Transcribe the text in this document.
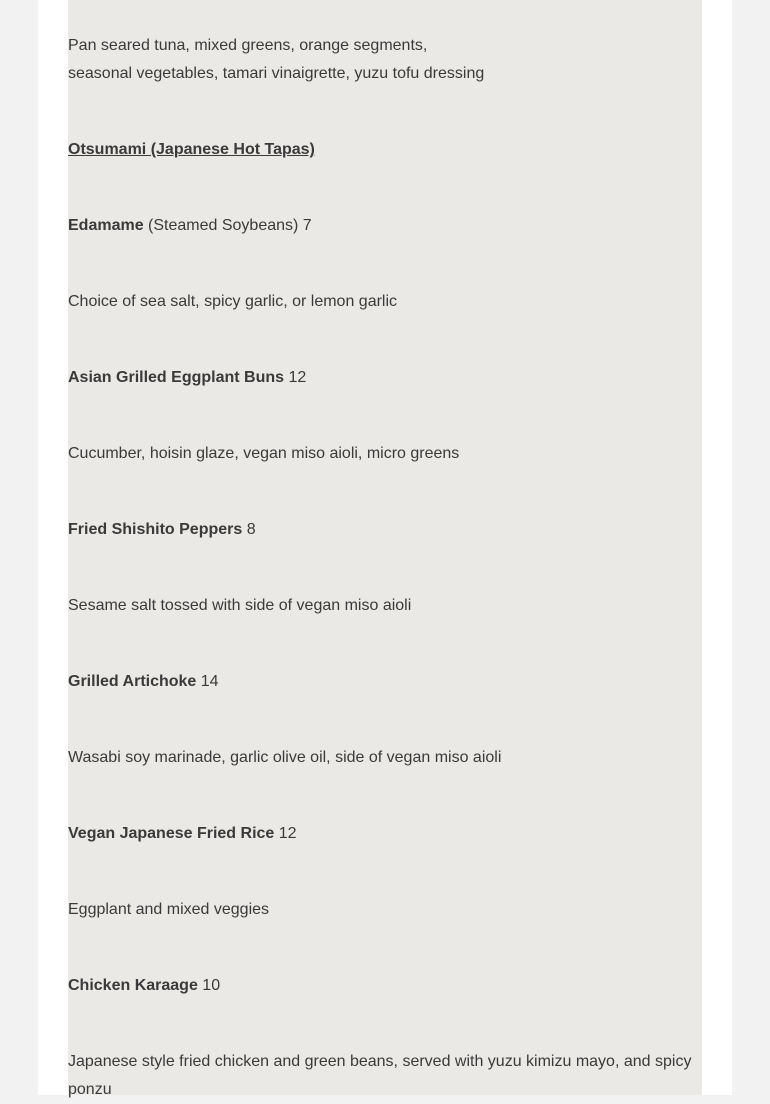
Pan seared tuna, mixed greens, orange segments,
seasonal vegetables, tamari vinaigrette, yuzu tofu dressing

Otsumami (Japanese Hot Tapas)

Edamame (Steamed Soybeans) 7

Choice of sea salt, spicy garlic, or lemon garlic

Asian Grilled Eggplant Buns 12

Cucumber, hoisin glaze, vegan miso aioli, micro greens

Fried Shishito Peppers 8

Sesame salt tossed with side of vegan miso aioli

Grilled Artichoke 14

Wasabi soy marinade, garlic olive oil, side of vegan miso aioli

Vegan Japanese Fried Rice 12

Eggplant and mixed veggies

Chicken Karaage 10

Japanese style fried chicken and green beans, served with yuzu kimizu mayo, and spicy ponzu
